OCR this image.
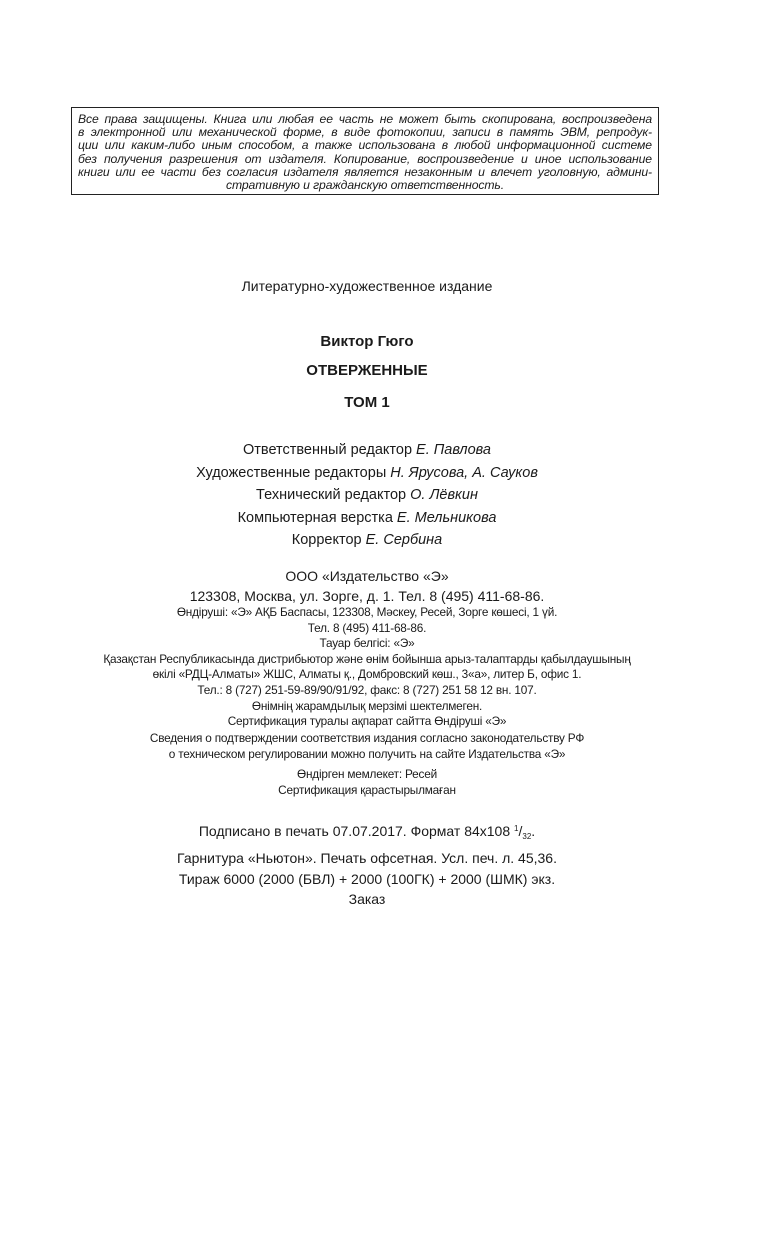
Все права защищены. Книга или любая ее часть не может быть скопирована, воспроизведена
в электронной или механической форме, в виде фотокопии, записи в память ЭВМ, репродук-
ции или каким-либо иным способом, а также использована в любой информационной системе
без получения разрешения от издателя. Копирование, воспроизведение и иное использование
книги или ее части без согласия издателя является незаконным и влечет уголовную, админи-
стративную и гражданскую ответственность.
Литературно-художественное издание
Виктор Гюго
ОТВЕРЖЕННЫЕ
ТОМ 1
Ответственный редактор Е. Павлова
Художественные редакторы Н. Ярусова, А. Сауков
Технический редактор О. Лёвкин
Компьютерная верстка Е. Мельникова
Корректор Е. Сербина
ООО «Издательство «Э»
123308, Москва, ул. Зорге, д. 1. Тел. 8 (495) 411-68-86.
Өндіруші: «Э» АҚБ Баспасы, 123308, Мәскеу, Ресей, Зорге көшесі, 1 үй.
Тел. 8 (495) 411-68-86.
Тауар белгісі: «Э»
Қазақстан Республикасында дистрибьютор және өнім бойынша арыз-талаптарды қабылдаушының
өкілі «РДЦ-Алматы» ЖШС, Алматы қ., Домбровский көш., 3«а», литер Б, офис 1.
Тел.: 8 (727) 251-59-89/90/91/92, факс: 8 (727) 251 58 12 вн. 107.
Өнімнің жарамдылық мерзімі шектелмеген.
Сертификация туралы ақпарат сайтта Өндіруші «Э»
Сведения о подтверждении соответствия издания согласно законодательству РФ
о техническом регулировании можно получить на сайте Издательства «Э»
Өндірген мемлекет: Ресей
Сертификация қарастырылмаған
Подписано в печать 07.07.2017. Формат 84x108 $^1/_{32}$.
Гарнитура «Ньютон». Печать офсетная. Усл. печ. л. 45,36.
Тираж 6000 (2000 (БВЛ) + 2000 (100ГК) + 2000 (ШМК) экз.
Заказ
